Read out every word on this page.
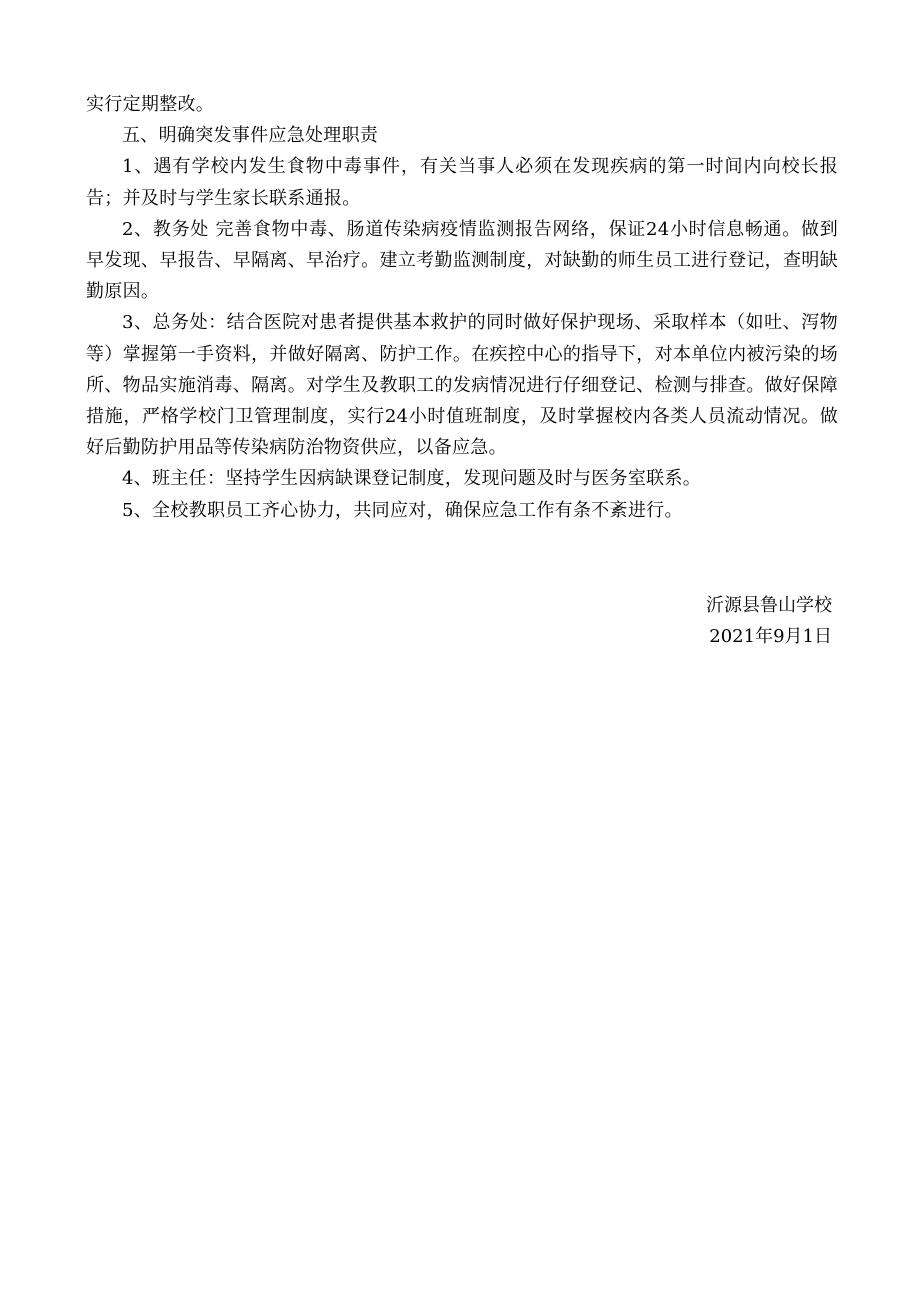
实行定期整改。

五、明确突发事件应急处理职责

1、遇有学校内发生食物中毒事件，有关当事人必须在发现疾病的第一时间内向校长报告；并及时与学生家长联系通报。

2、教务处 完善食物中毒、肠道传染病疫情监测报告网络，保证24小时信息畅通。做到早发现、早报告、早隔离、早治疗。建立考勤监测制度，对缺勤的师生员工进行登记，查明缺勤原因。

3、总务处：结合医院对患者提供基本救护的同时做好保护现场、采取样本（如吐、泻物等）掌握第一手资料，并做好隔离、防护工作。在疾控中心的指导下，对本单位内被污染的场所、物品实施消毒、隔离。对学生及教职工的发病情况进行仔细登记、检测与排查。做好保障措施，严格学校门卫管理制度，实行24小时值班制度，及时掌握校内各类人员流动情况。做好后勤防护用品等传染病防治物资供应，以备应急。

4、班主任：坚持学生因病缺课登记制度，发现问题及时与医务室联系。

5、全校教职员工齐心协力，共同应对，确保应急工作有条不紊进行。

沂源县鲁山学校
2021年9月1日
